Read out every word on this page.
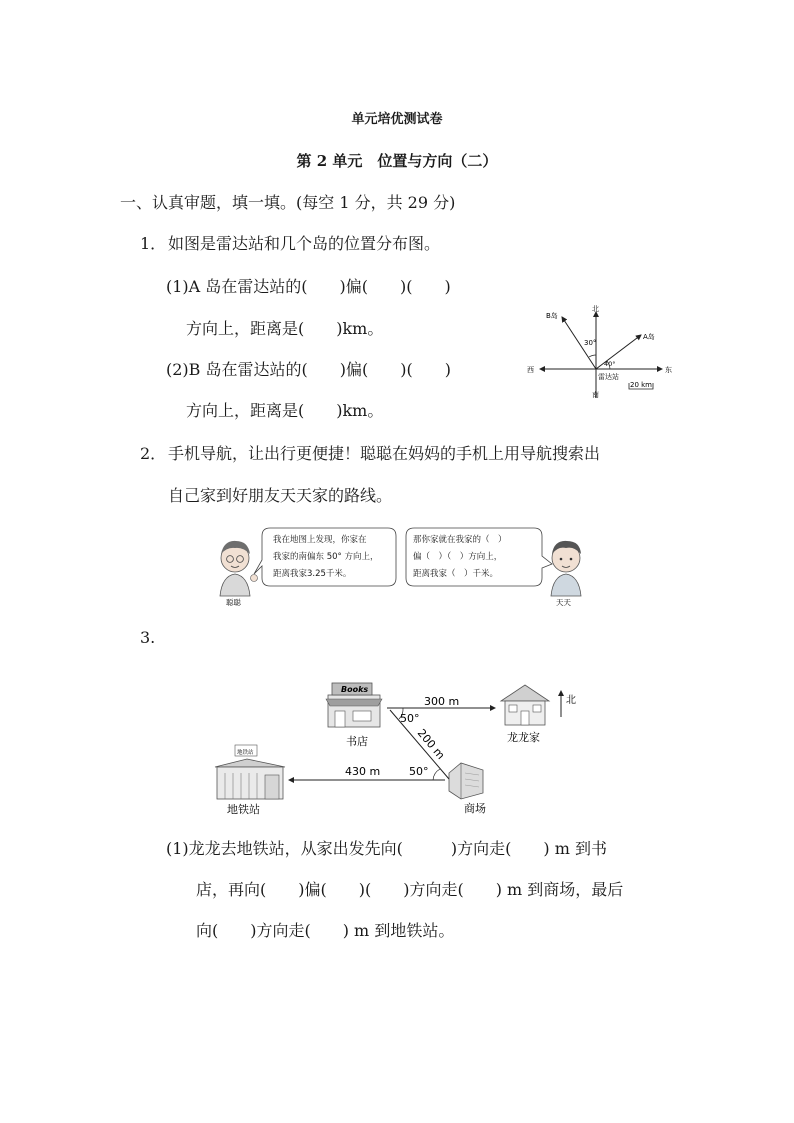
单元培优测试卷
第 2 单元　位置与方向（二）
一、认真审题，填一填。(每空 1 分，共 29 分)
1． 如图是雷达站和几个岛的位置分布图。
(1)A 岛在雷达站的(　　)偏(　　)(　　)
方向上，距离是(　　)km。
(2)B 岛在雷达站的(　　)偏(　　)(　　)
方向上，距离是(　　)km。
北
南
东
西
B岛
A岛
30°
40°
雷达站
20 km
2． 手机导航，让出行更便捷！聪聪在妈妈的手机上用导航搜索出
自己家到好朋友天天家的路线。
聪聪	天天
我在地图上发现，你家在
我家的南偏东 50° 方向上，
距离我家3.25千米。
那你家就在我家的（　）
偏（　）（　）方向上，
距离我家（　）千米。
3.
Books
书店	龙龙家
北
地铁站
地铁站	商场
300 m
200 m
430 m
50°
50°
(1)龙龙去地铁站，从家出发先向(　　　)方向走(　　) m 到书
店，再向(　　)偏(　　)(　　)方向走(　　) m 到商场，最后
向(　　)方向走(　　) m 到地铁站。
